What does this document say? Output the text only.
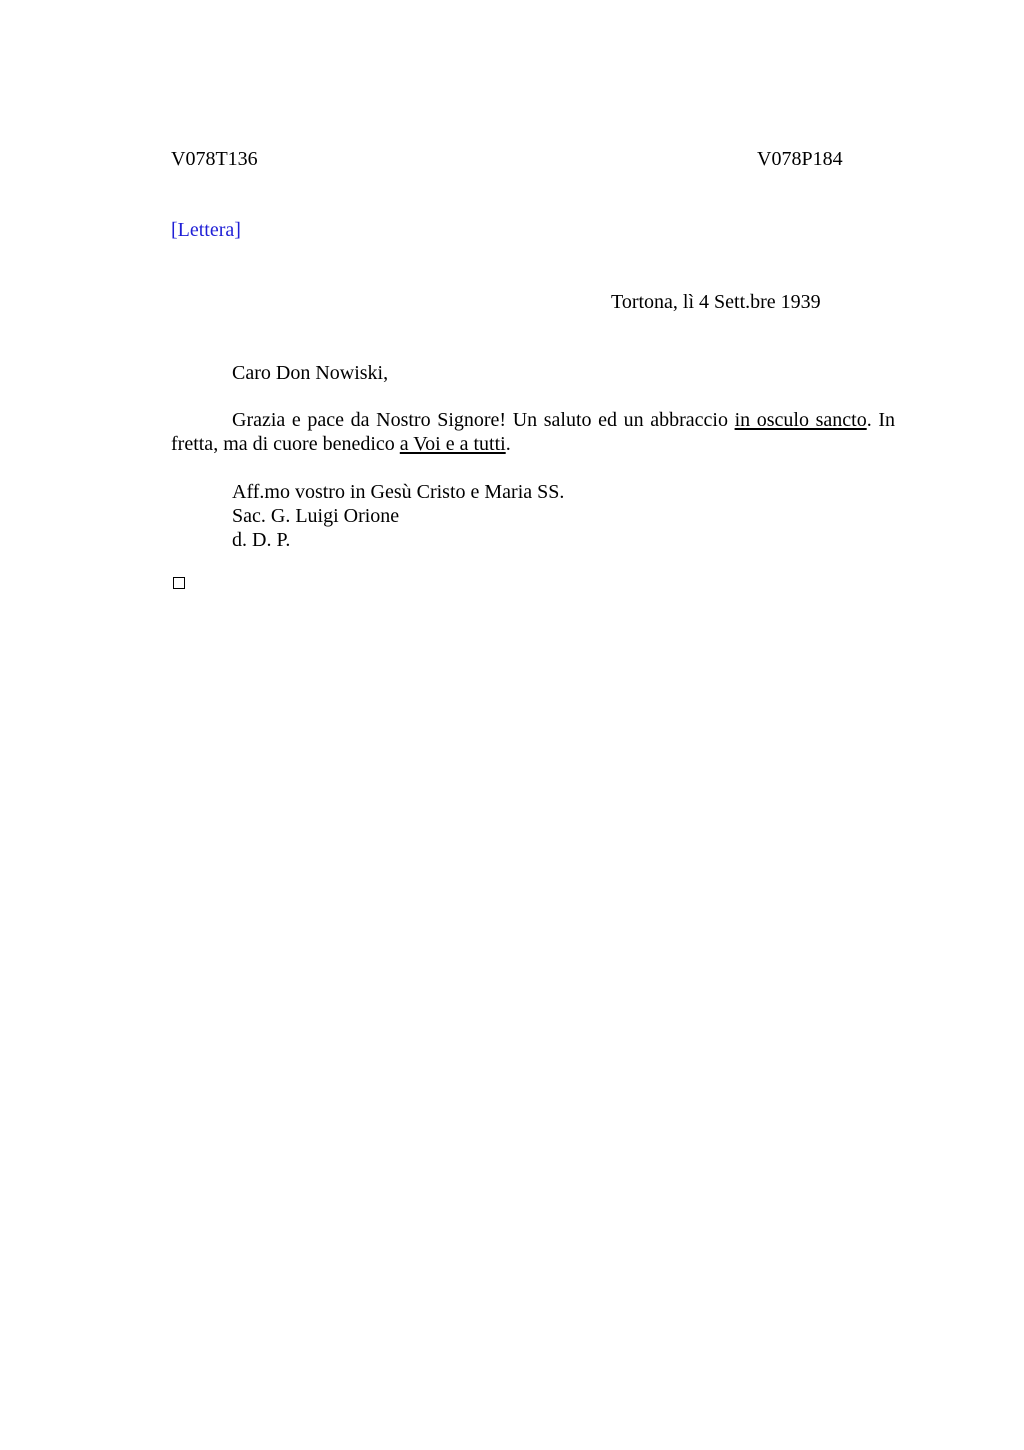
V078T136	V078P184
[Lettera]
Tortona, lì 4 Sett.bre 1939
Caro Don Nowiski,
Grazia e pace da Nostro Signore! Un saluto ed un abbraccio in osculo sancto. In fretta, ma di cuore benedico a Voi e a tutti.
Aff.mo vostro in Gesù Cristo e Maria SS.
Sac. G. Luigi Orione
d. D. P.
